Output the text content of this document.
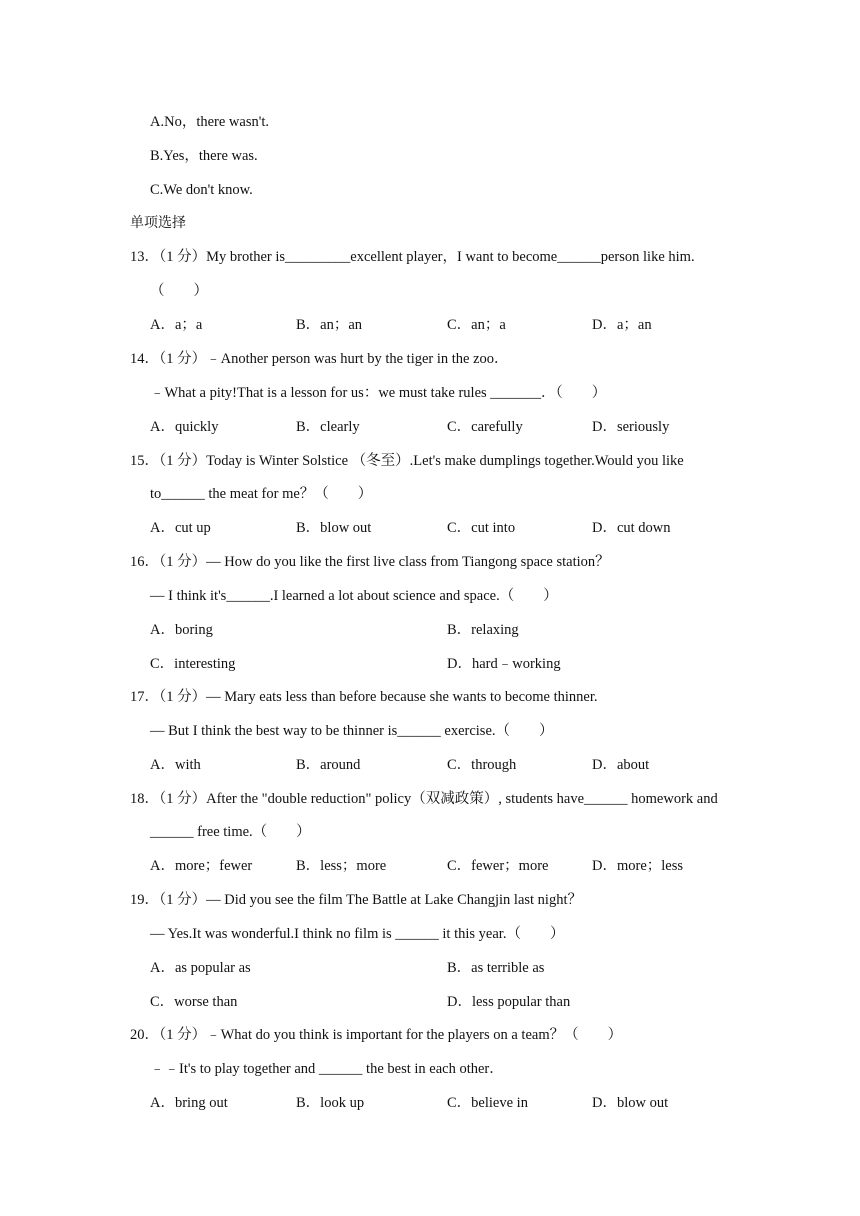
A.No，there wasn't.
B.Yes，there was.
C.We don't know.
单项选择
13．（1 分）My brother is_________excellent player，I want to become______person like him.
（　　）
A．a；a	B．an；an	C．an；a	D．a；an
14．（1 分）﹣Another person was hurt by the tiger in the zoo．
﹣What a pity!That is a lesson for us：we must take rules _______．（　　）
A．quickly	B．clearly	C．carefully	D．seriously
15．（1 分）Today is Winter Solstice （冬至）.Let's make dumplings together.Would you like
to______ the meat for me？（　　）
A．cut up	B．blow out	C．cut into	D．cut down
16．（1 分）— How do you like the first live class from Tiangong space station？
— I think it's______.I learned a lot about science and space.（　　）
A．boring	B．relaxing
C．interesting	D．hard﹣working
17．（1 分）— Mary eats less than before because she wants to become thinner.
— But I think the best way to be thinner is______ exercise.（　　）
A．with	B．around	C．through	D．about
18．（1 分）After the "double reduction" policy（双减政策）, students have______ homework and
______ free time.（　　）
A．more；fewer	B．less；more	C．fewer；more	D．more；less
19．（1 分）— Did you see the film The Battle at Lake Changjin last night？
— Yes.It was wonderful.I think no film is ______ it this year.（　　）
A．as popular as	B．as terrible as
C．worse than	D．less popular than
20．（1 分）﹣What do you think is important for the players on a team？（　　）
﹣﹣It's to play together and ______ the best in each other．
A．bring out	B．look up	C．believe in	D．blow out
